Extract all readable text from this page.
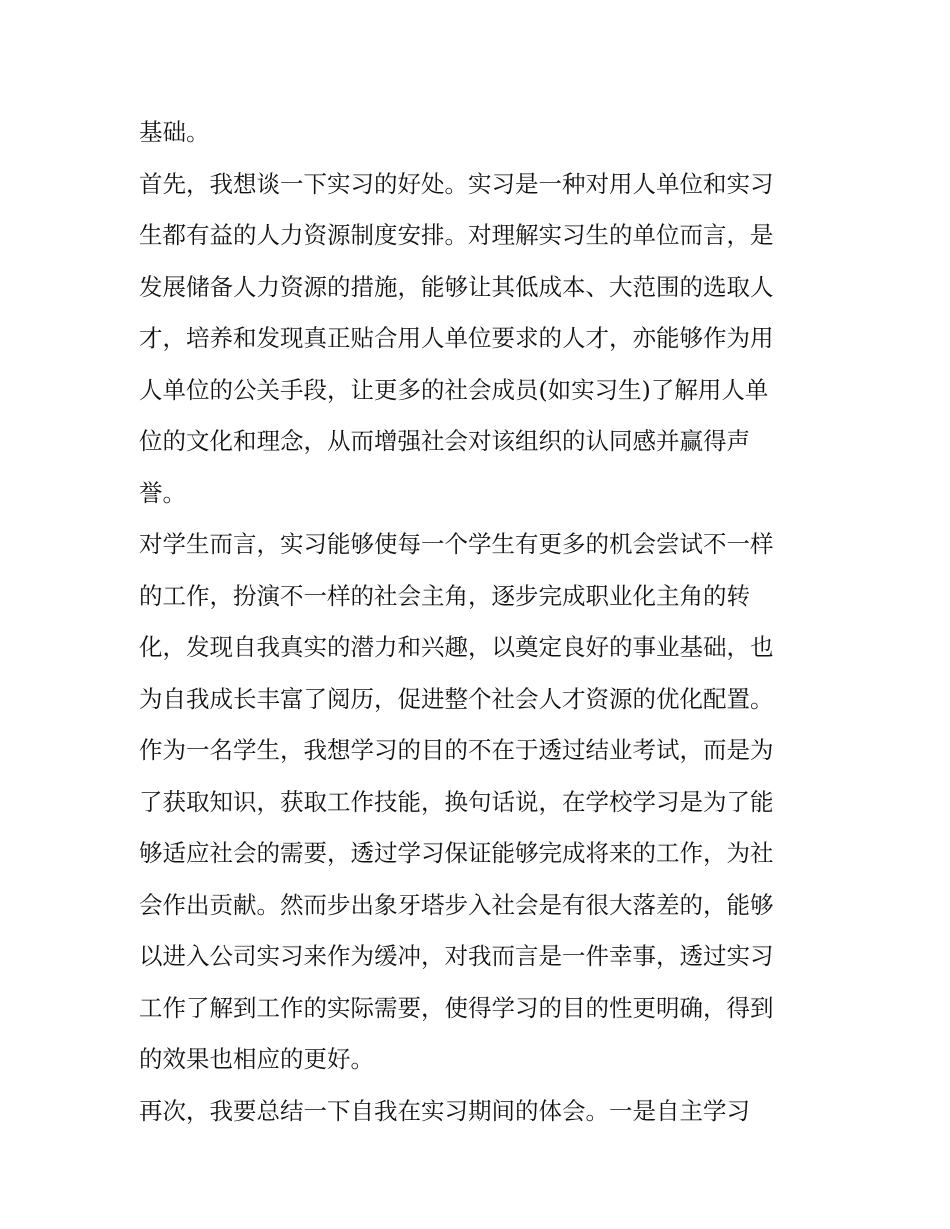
基础。

首先，我想谈一下实习的好处。实习是一种对用人单位和实习

生都有益的人力资源制度安排。对理解实习生的单位而言，是

发展储备人力资源的措施，能够让其低成本、大范围的选取人

才，培养和发现真正贴合用人单位要求的人才，亦能够作为用

人单位的公关手段，让更多的社会成员(如实习生)了解用人单

位的文化和理念，从而增强社会对该组织的认同感并赢得声

誉。

对学生而言，实习能够使每一个学生有更多的机会尝试不一样

的工作，扮演不一样的社会主角，逐步完成职业化主角的转

化，发现自我真实的潜力和兴趣，以奠定良好的事业基础，也

为自我成长丰富了阅历，促进整个社会人才资源的优化配置。

作为一名学生，我想学习的目的不在于透过结业考试，而是为

了获取知识，获取工作技能，换句话说，在学校学习是为了能

够适应社会的需要，透过学习保证能够完成将来的工作，为社

会作出贡献。然而步出象牙塔步入社会是有很大落差的，能够

以进入公司实习来作为缓冲，对我而言是一件幸事，透过实习

工作了解到工作的实际需要，使得学习的目的性更明确，得到

的效果也相应的更好。

再次，我要总结一下自我在实习期间的体会。一是自主学习
